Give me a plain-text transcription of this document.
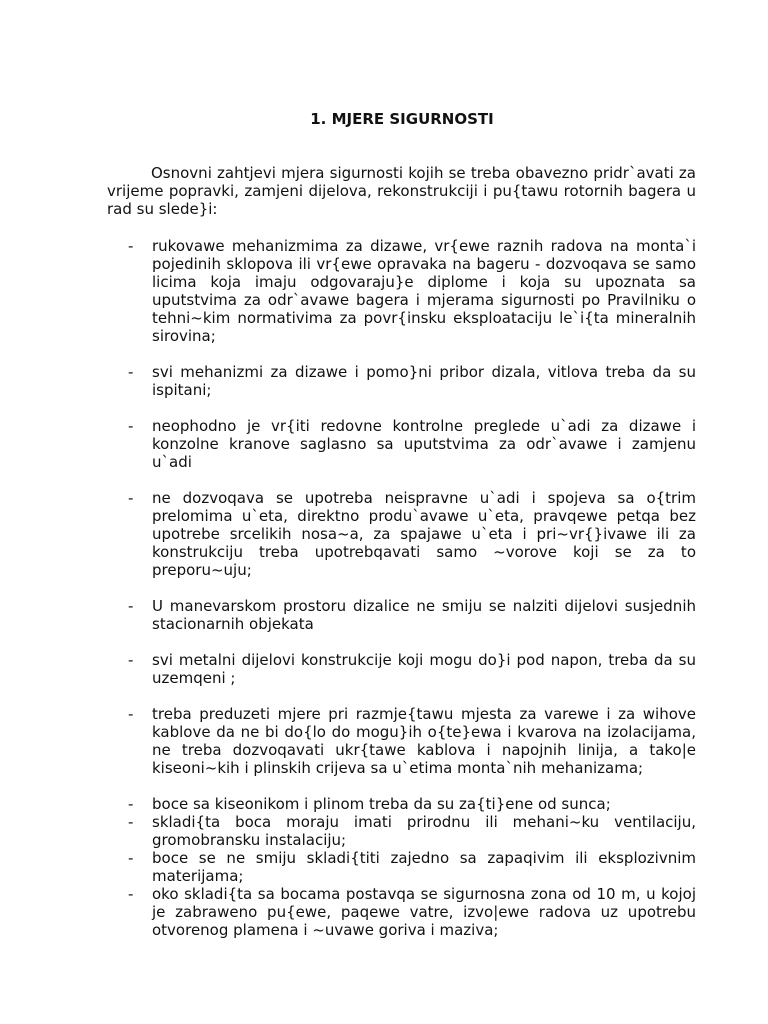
1. MJERE SIGURNOSTI

Osnovni zahtjevi mjera sigurnosti kojih se treba obavezno pridr`avati za vrijeme popravki, zamjeni dijelova, rekonstrukciji i pu{tawu rotornih bagera u rad su slede}i:

- rukovawe mehanizmima za dizawe, vr{ewe raznih radova na monta`i pojedinih sklopova ili vr{ewe opravaka na bageru - dozvoqava se samo licima koja imaju odgovaraju}e diplome i koja su upoznata sa uputstvima za odr`avawe bagera i mjerama sigurnosti po Pravilniku o tehni~kim normativima za povr{insku eksploataciju le`i{ta mineralnih sirovina;
- svi mehanizmi za dizawe i pomo}ni pribor dizala, vitlova treba da su ispitani;
- neophodno je vr{iti redovne kontrolne preglede u`adi za dizawe i konzolne kranove saglasno sa uputstvima za odr`avawe i zamjenu u`adi
- ne dozvoqava se upotreba neispravne u`adi i spojeva sa o{trim prelomima u`eta, direktno produ`avawe u`eta, pravqewe petqa bez upotrebe srcelikih nosa~a, za spajawe u`eta i pri~vr{}ivawe ili za konstrukciju treba upotrebqavati samo ~vorove koji se za to preporu~uju;
- U manevarskom prostoru dizalice ne smiju se nalziti dijelovi susjednih stacionarnih objekata
- svi metalni dijelovi konstrukcije koji mogu do}i pod napon, treba da su uzemqeni ;
- treba preduzeti mjere pri razmje{tawu mjesta za varewe i za wihove kablove da ne bi do{lo do mogu}ih o{te}ewa i kvarova na izolacijama, ne treba dozvoqavati ukr{tawe kablova i napojnih linija, a tako|e kiseoni~kih i plinskih crijeva sa u`etima monta`nih mehanizama;
- boce sa kiseonikom i plinom treba da su za{ti}ene od sunca;
- skladi{ta boca moraju imati prirodnu ili mehani~ku ventilaciju, gromobransku instalaciju;
- boce se ne smiju skladi{titi zajedno sa zapaqivim ili eksplozivnim materijama;
- oko skladi{ta sa bocama postavqa se sigurnosna zona od 10 m, u kojoj je zabraweno pu{ewe, paqewe vatre, izvo|ewe radova uz upotrebu otvorenog plamena i ~uvawe goriva i maziva;
